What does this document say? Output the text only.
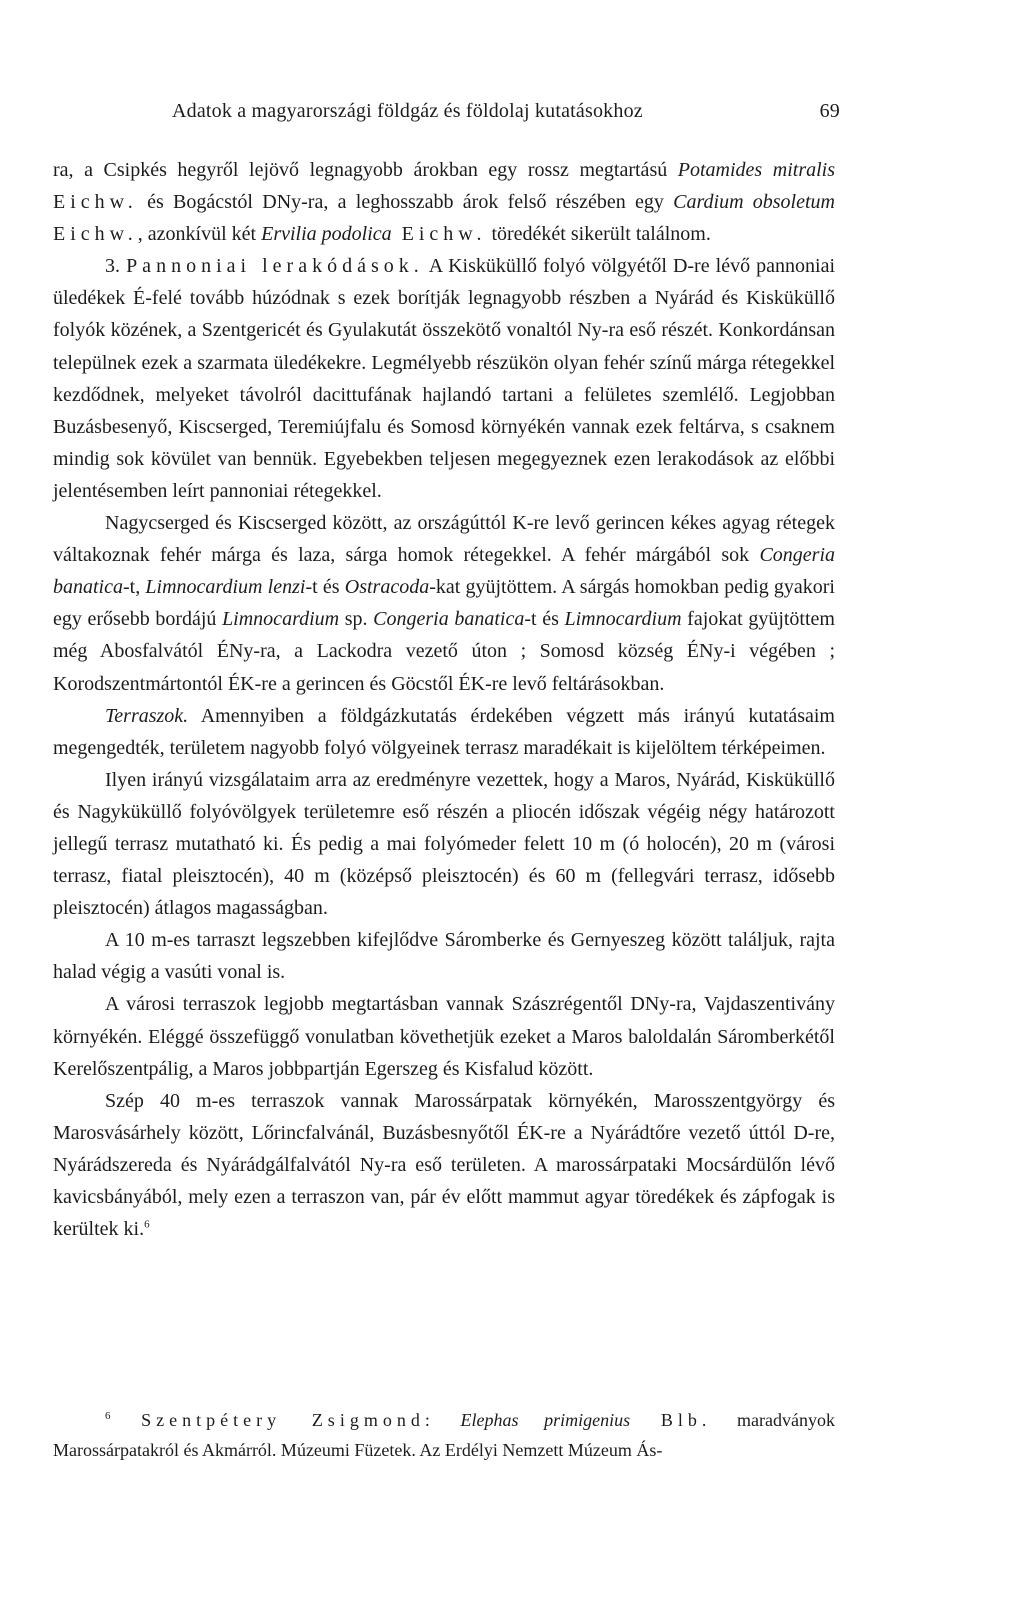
Adatok a magyarországi földgáz és földolaj kutatásokhoz	69

ra, a Csipkés hegyről lejövő legnagyobb árokban egy rossz megtartású Potamides mitralis Eichw. és Bogácstól DNy-ra, a leghosszabb árok felső részében egy Cardium obsoletum Eichw., azonkívül két Ervilia podolica Eichw. töredékét sikerült találnom.

3. Pannoniai lerakódások. A Kisküküllő folyó völgyétől D-re lévő pannoniai üledékek É-felé tovább húzódnak s ezek borítják legnagyobb részben a Nyárád és Kisküküllő folyók közének, a Szentgericét és Gyulakutát összekötő vonaltól Ny-ra eső részét. Konkordánsan települnek ezek a szarmata üledékekre. Legmélyebb részükön olyan fehér színű márga rétegekkel kezdődnek, melyeket távolról dacittufának hajlandó tartani a felületes szemlélő. Legjobban Buzásbesenyő, Kiscserged, Teremiújfalu és Somosd környékén vannak ezek feltárva, s csaknem mindig sok kövület van bennük. Egyebekben teljesen megegyeznek ezen lerakodások az előbbi jelentésemben leírt pannoniai rétegekkel.

Nagycserged és Kiscserged között, az országúttól K-re levő gerincen kékes agyag rétegek váltakoznak fehér márga és laza, sárga homok rétegekkel. A fehér márgából sok Congeria banatica-t, Limnocardium lenzi-t és Ostracoda-kat gyüjtöttem. A sárgás homokban pedig gyakori egy erősebb bordájú Limnocardium sp. Congeria banatica-t és Limnocardium fajokat gyüjtöttem még Abosfalvától ÉNy-ra, a Lackodra vezető úton ; Somosd község ÉNy-i végében ; Korodszentmártontól ÉK-re a gerincen és Göcstől ÉK-re levő feltárásokban.

Terraszok. Amennyiben a földgázkutatás érdekében végzett más irányú kutatásaim megengedték, területem nagyobb folyó völgyeinek terrasz maradékait is kijelöltem térképeimen.

Ilyen irányú vizsgálataim arra az eredményre vezettek, hogy a Maros, Nyárád, Kisküküllő és Nagyküküllő folyóvölgyek területemre eső részén a pliocén időszak végéig négy határozott jellegű terrasz mutatható ki. És pedig a mai folyómeder felett 10 m (ó holocén), 20 m (városi terrasz, fiatal pleisztocén), 40 m (középső pleisztocén) és 60 m (fellegvári terrasz, idősebb pleisztocén) átlagos magasságban.

A 10 m-es tarraszt legszebben kifejlődve Sáromberke és Gernyeszeg között találjuk, rajta halad végig a vasúti vonal is.

A városi terraszok legjobb megtartásban vannak Szászrégentől DNy-ra, Vajdaszentivány környékén. Eléggé összefüggő vonulatban követhetjük ezeket a Maros baloldalán Sáromberkétől Kerelőszentpálig, a Maros jobbpartján Egerszeg és Kisfalud között.

Szép 40 m-es terraszok vannak Marossárpatak környékén, Marosszentgyörgy és Marosvásárhely között, Lőrincfalvánál, Buzásbesnyőtől ÉK-re a Nyárádtőre vezető úttól D-re, Nyárádszereda és Nyárádgálfalvától Ny-ra eső területen. A marossárpataki Mocsárdülőn lévő kavicsbányából, mely ezen a terraszon van, pár év előtt mammut agyar töredékek és zápfogak is kerültek ki.$^6$

$^6$ Szentpétery Zsigmond: Elephas primigenius Blb. maradványok Marossárpatakról és Akmárról. Múzeumi Füzetek. Az Erdélyi Nemzett Múzeum Ás-
